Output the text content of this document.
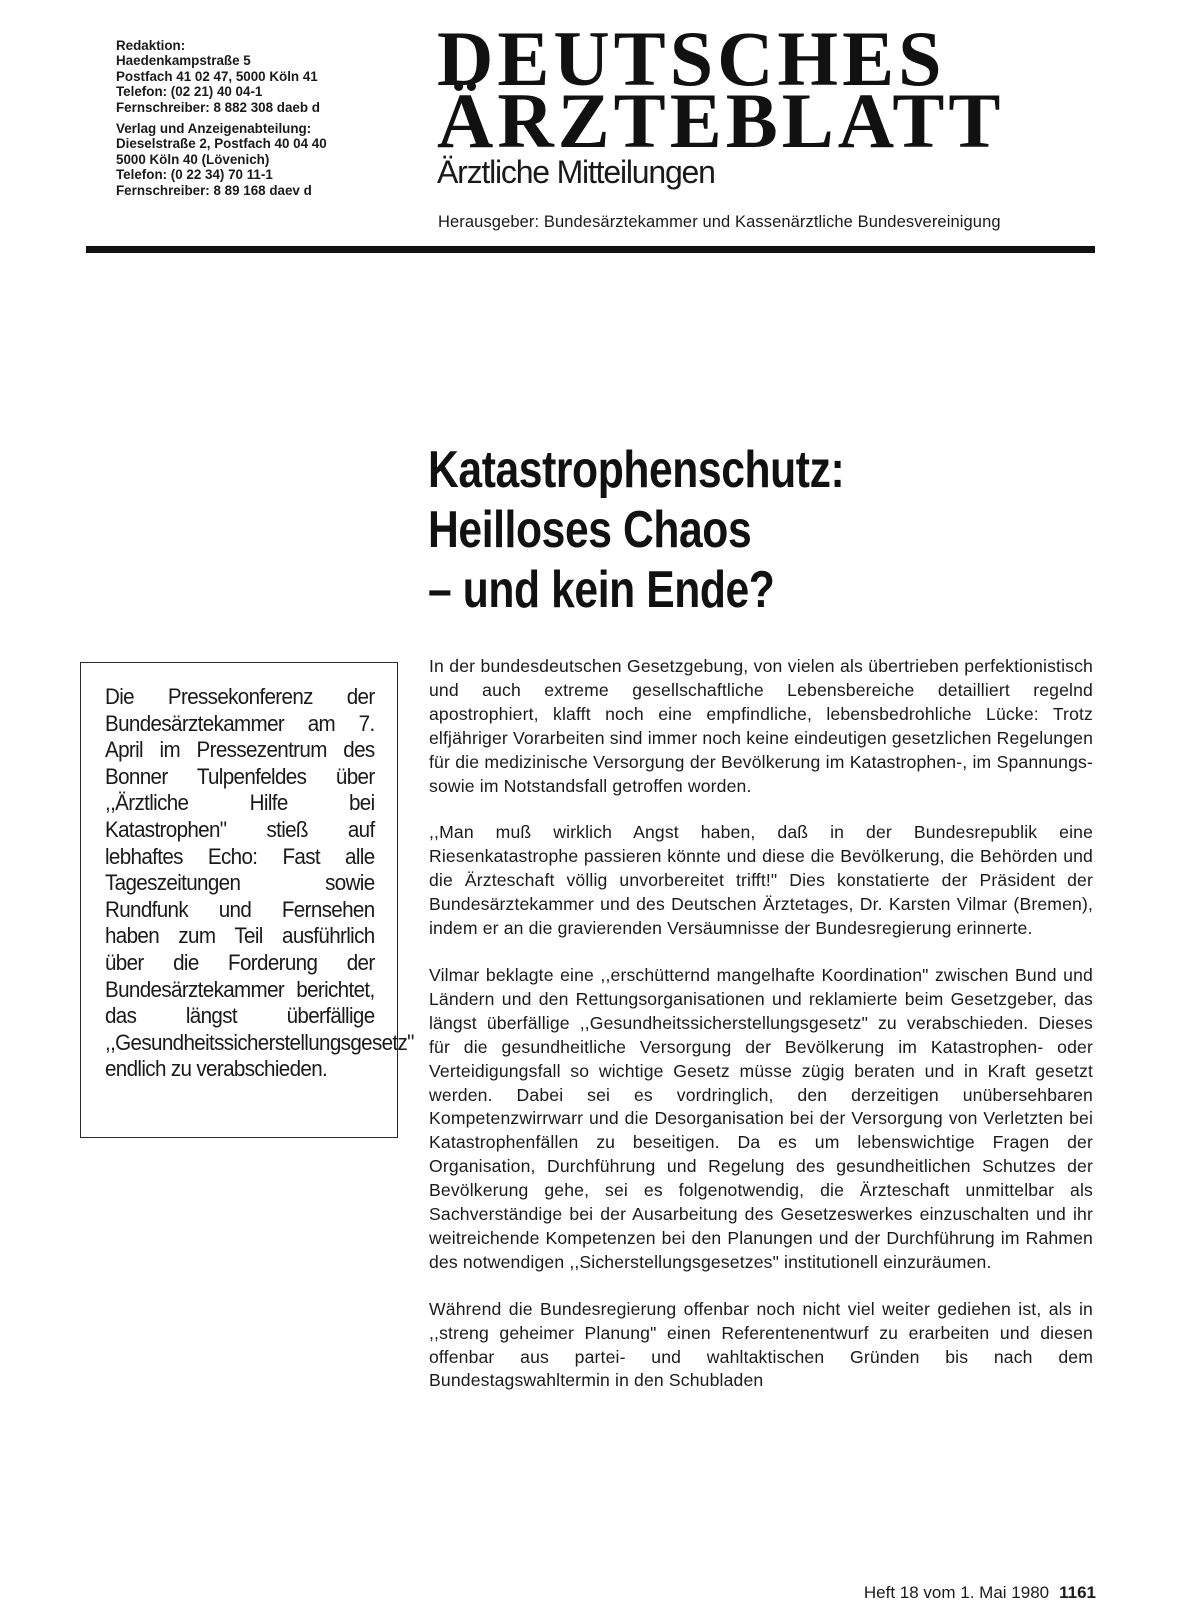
Redaktion:
Haedenkampstraße 5
Postfach 41 02 47, 5000 Köln 41
Telefon: (02 21) 40 04-1
Fernschreiber: 8 882 308 daeb d
Verlag und Anzeigenabteilung:
Dieselstraße 2, Postfach 40 04 40
5000 Köln 40 (Lövenich)
Telefon: (0 22 34) 70 11-1
Fernschreiber: 8 89 168 daev d
DEUTSCHES
ÄRZTEBLATT
Ärztliche Mitteilungen
Herausgeber: Bundesärztekammer und Kassenärztliche Bundesvereinigung
Katastrophenschutz:
Heilloses Chaos
– und kein Ende?

Die Pressekonferenz der Bundesärztekammer am 7. April im Pressezentrum des Bonner Tulpenfeldes über ,,Ärztliche Hilfe bei Katastrophen" stieß auf lebhaftes Echo: Fast alle Tageszeitungen sowie Rundfunk und Fernsehen haben zum Teil ausführlich über die Forderung der Bundesärztekammer berichtet, das längst überfällige ,,Gesundheitssicherstellungsgesetz" endlich zu verabschieden.

In der bundesdeutschen Gesetzgebung, von vielen als übertrieben perfektionistisch und auch extreme gesellschaftliche Lebensbereiche detailliert regelnd apostrophiert, klafft noch eine empfindliche, lebensbedrohliche Lücke: Trotz elfjähriger Vorarbeiten sind immer noch keine eindeutigen gesetzlichen Regelungen für die medizinische Versorgung der Bevölkerung im Katastrophen-, im Spannungs- sowie im Notstandsfall getroffen worden.

,,Man muß wirklich Angst haben, daß in der Bundesrepublik eine Riesenkatastrophe passieren könnte und diese die Bevölkerung, die Behörden und die Ärzteschaft völlig unvorbereitet trifft!" Dies konstatierte der Präsident der Bundesärztekammer und des Deutschen Ärztetages, Dr. Karsten Vilmar (Bremen), indem er an die gravierenden Versäumnisse der Bundesregierung erinnerte.

Vilmar beklagte eine ,,erschütternd mangelhafte Koordination" zwischen Bund und Ländern und den Rettungsorganisationen und reklamierte beim Gesetzgeber, das längst überfällige ,,Gesundheitssicherstellungsgesetz" zu verabschieden. Dieses für die gesundheitliche Versorgung der Bevölkerung im Katastrophen- oder Verteidigungsfall so wichtige Gesetz müsse zügig beraten und in Kraft gesetzt werden. Dabei sei es vordringlich, den derzeitigen unübersehbaren Kompetenzwirrwarr und die Desorganisation bei der Versorgung von Verletzten bei Katastrophenfällen zu beseitigen. Da es um lebenswichtige Fragen der Organisation, Durchführung und Regelung des gesundheitlichen Schutzes der Bevölkerung gehe, sei es folgenotwendig, die Ärzteschaft unmittelbar als Sachverständige bei der Ausarbeitung des Gesetzeswerkes einzuschalten und ihr weitreichende Kompetenzen bei den Planungen und der Durchführung im Rahmen des notwendigen ,,Sicherstellungsgesetzes" institutionell einzuräumen.

Während die Bundesregierung offenbar noch nicht viel weiter gediehen ist, als in ,,streng geheimer Planung" einen Referentenentwurf zu erarbeiten und diesen offenbar aus partei- und wahltaktischen Gründen bis nach dem Bundestagswahltermin in den Schubladen

Heft 18 vom 1. Mai 1980 1161
